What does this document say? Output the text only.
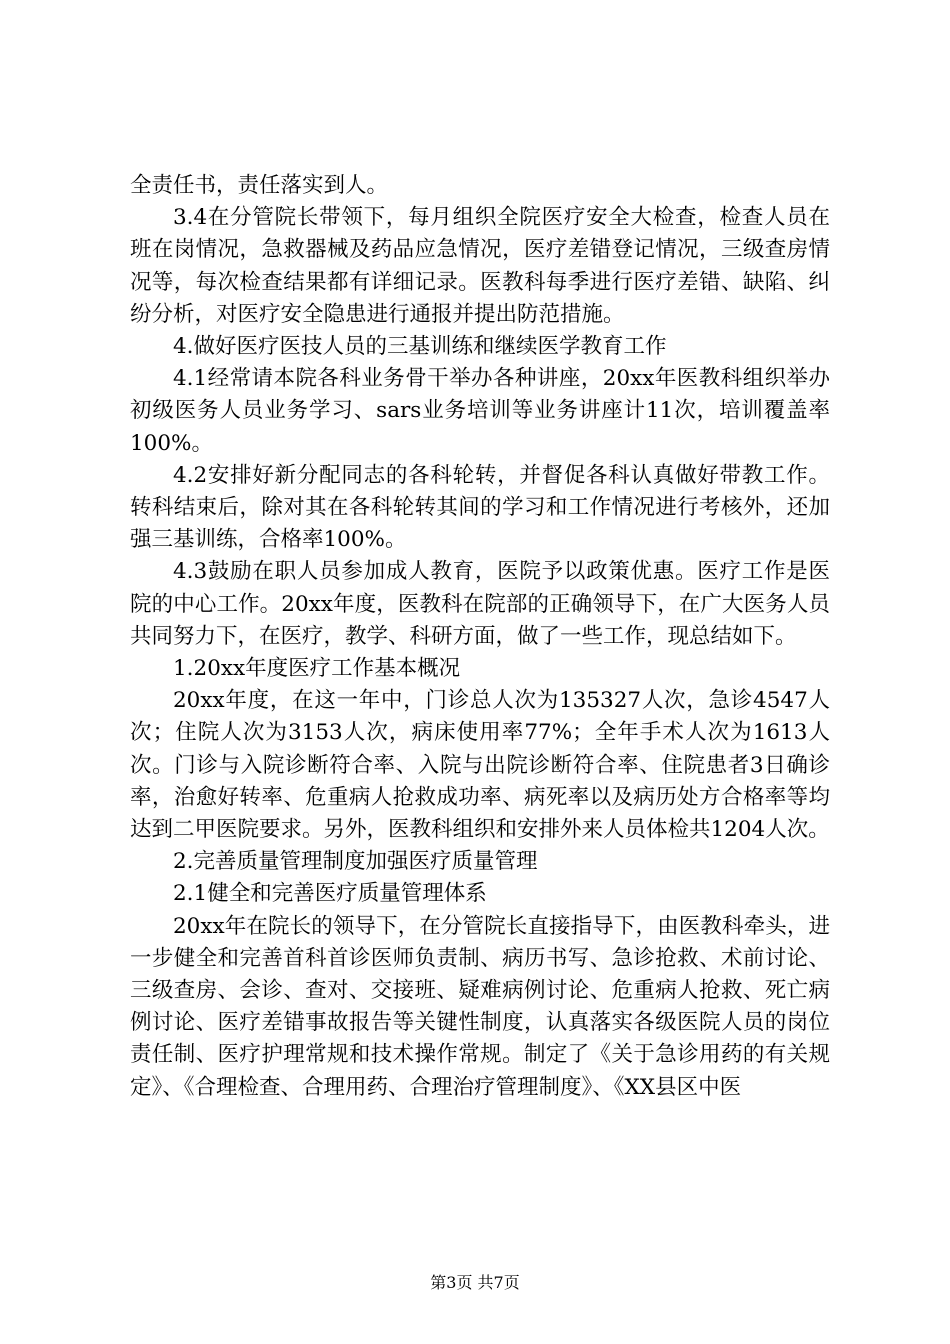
全责任书，责任落实到人。

3.4在分管院长带领下，每月组织全院医疗安全大检查，检查人员在班在岗情况，急救器械及药品应急情况，医疗差错登记情况，三级查房情况等，每次检查结果都有详细记录。医教科每季进行医疗差错、缺陷、纠纷分析，对医疗安全隐患进行通报并提出防范措施。

4.做好医疗医技人员的三基训练和继续医学教育工作

4.1经常请本院各科业务骨干举办各种讲座，20xx年医教科组织举办初级医务人员业务学习、sars业务培训等业务讲座计11次，培训覆盖率100%。

4.2安排好新分配同志的各科轮转，并督促各科认真做好带教工作。转科结束后，除对其在各科轮转其间的学习和工作情况进行考核外，还加强三基训练，合格率100%。

4.3鼓励在职人员参加成人教育，医院予以政策优惠。医疗工作是医院的中心工作。20xx年度，医教科在院部的正确领导下，在广大医务人员共同努力下，在医疗，教学、科研方面，做了一些工作，现总结如下。

1.20xx年度医疗工作基本概况

20xx年度，在这一年中，门诊总人次为135327人次，急诊4547人次；住院人次为3153人次，病床使用率77%；全年手术人次为1613人次。门诊与入院诊断符合率、入院与出院诊断符合率、住院患者3日确诊率，治愈好转率、危重病人抢救成功率、病死率以及病历处方合格率等均达到二甲医院要求。另外，医教科组织和安排外来人员体检共1204人次。

2.完善质量管理制度加强医疗质量管理

2.1健全和完善医疗质量管理体系

20xx年在院长的领导下，在分管院长直接指导下，由医教科牵头，进一步健全和完善首科首诊医师负责制、病历书写、急诊抢救、术前讨论、三级查房、会诊、查对、交接班、疑难病例讨论、危重病人抢救、死亡病例讨论、医疗差错事故报告等关键性制度，认真落实各级医院人员的岗位责任制、医疗护理常规和技术操作常规。制定了《关于急诊用药的有关规定》、《合理检查、合理用药、合理治疗管理制度》、《XX县区中医

第3页 共7页
